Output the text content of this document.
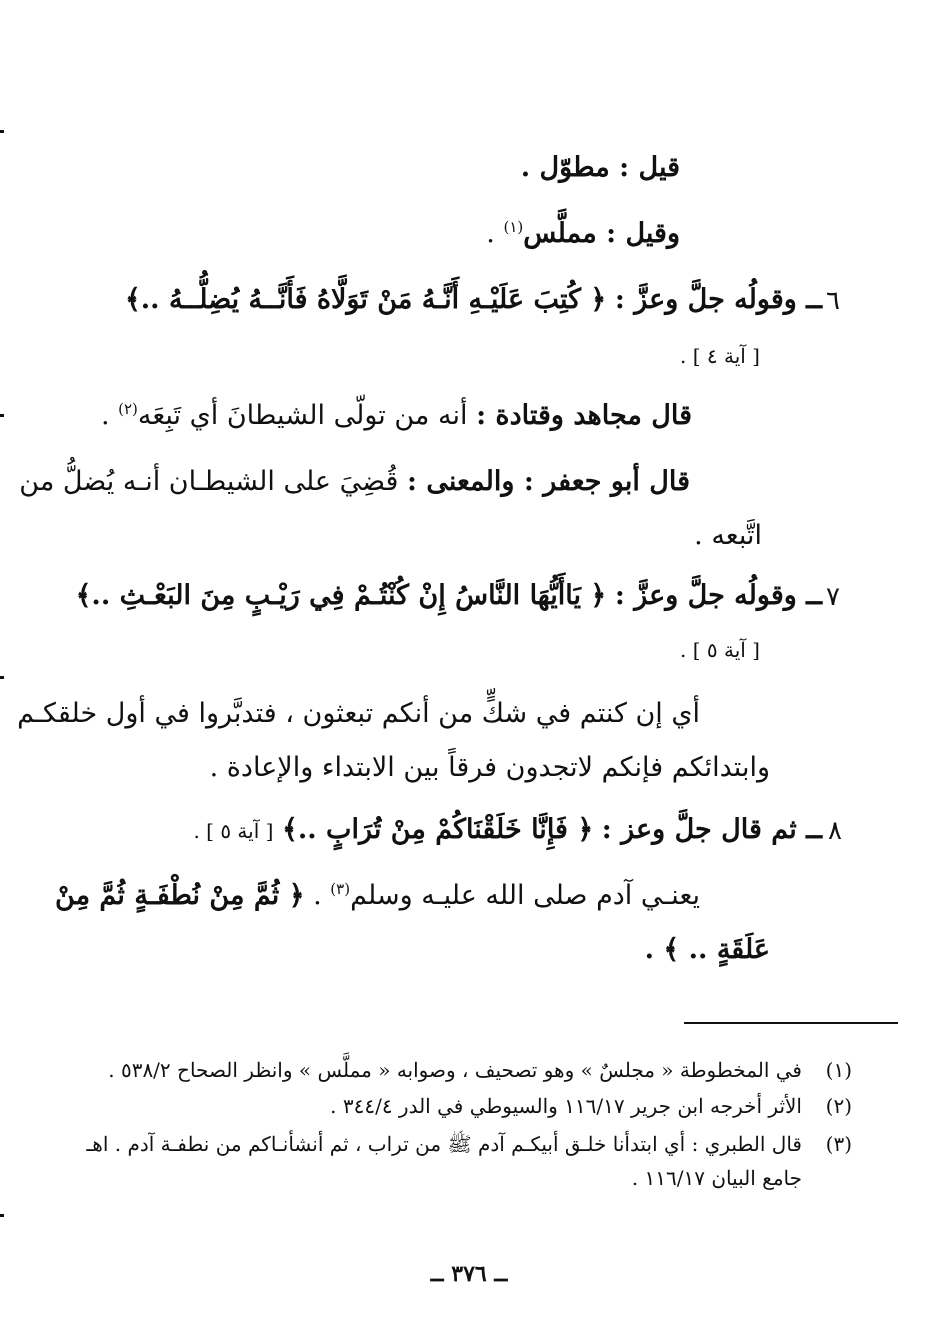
قيل : مطوّل .
وقيل : مملَّس$^{(١)}$ .
٦
ــ وقولُه جلَّ وعزَّ : ﴿ كُتِبَ عَلَيْـهِ أَنَّـهُ مَنْ تَوَلَّاهُ فَأَنَّــهُ يُضِلُّــهُ ..﴾
[ آية ٤ ] .
قال مجاهد وقتادة : أنه من تولّى الشيطانَ أي تَبِعَه$^{(٢)}$ .
قال أبو جعفر : والمعنى : قُضِيَ على الشيطـان أنـه يُضلُّ من
اتَّبعه .
٧
ــ وقولُه جلَّ وعزَّ : ﴿ يَاأَيُّهَا النَّاسُ إِنْ كُنْتُـمْ فِي رَيْـبٍ مِنَ البَعْـثِ ..﴾
[ آية ٥ ] .
أي إن كنتم في شكٍّ من أنكم تبعثون ، فتدبَّروا في أول خلقكـم
وابتدائكم فإنكم لاتجدون فرقاً بين الابتداء والإعادة .
٨
ــ ثم قال جلَّ وعز : ﴿ فَإِنَّا خَلَقْنَاكُمْ مِنْ تُرَابٍ ..﴾ [ آية ٥ ] .
يعنـي آدم صلى الله عليـه وسلم$^{(٣)}$ . ﴿ ثُمَّ مِنْ نُطْفَـةٍ ثُمَّ مِنْ
عَلَقَةٍ .. ﴾ .
(١)
في المخطوطة « مجلسٌ » وهو تصحيف ، وصوابه « مملَّس » وانظر الصحاح ٥٣٨/٢ .
(٢)
الأثر أخرجه ابن جرير ١١٦/١٧ والسيوطي في الدر ٣٤٤/٤ .
(٣)
قال الطبري : أي ابتدأنا خلـق أبيكـم آدم ﷺ من تراب ، ثم أنشأنـاكم من نطفـة آدم . اهـ
جامع البيان ١١٦/١٧ .
ــ ٣٧٦ ــ
